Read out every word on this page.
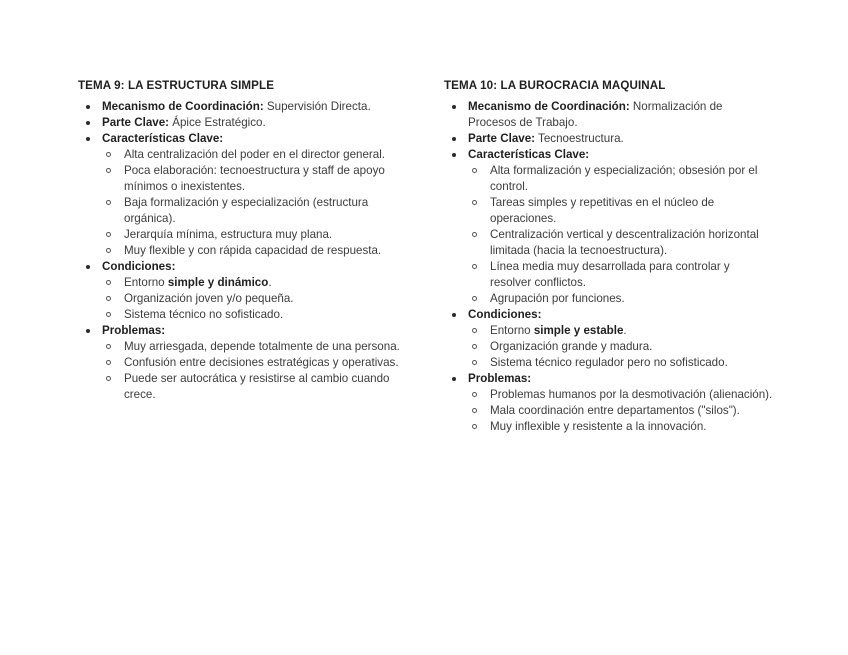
TEMA 9: LA ESTRUCTURA SIMPLE
Mecanismo de Coordinación: Supervisión Directa.
Parte Clave: Ápice Estratégico.
Características Clave:
Alta centralización del poder en el director general.
Poca elaboración: tecnoestructura y staff de apoyo mínimos o inexistentes.
Baja formalización y especialización (estructura orgánica).
Jerarquía mínima, estructura muy plana.
Muy flexible y con rápida capacidad de respuesta.
Condiciones:
Entorno simple y dinámico.
Organización joven y/o pequeña.
Sistema técnico no sofisticado.
Problemas:
Muy arriesgada, depende totalmente de una persona.
Confusión entre decisiones estratégicas y operativas.
Puede ser autocrática y resistirse al cambio cuando crece.
TEMA 10: LA BUROCRACIA MAQUINAL
Mecanismo de Coordinación: Normalización de Procesos de Trabajo.
Parte Clave: Tecnoestructura.
Características Clave:
Alta formalización y especialización; obsesión por el control.
Tareas simples y repetitivas en el núcleo de operaciones.
Centralización vertical y descentralización horizontal limitada (hacia la tecnoestructura).
Línea media muy desarrollada para controlar y resolver conflictos.
Agrupación por funciones.
Condiciones:
Entorno simple y estable.
Organización grande y madura.
Sistema técnico regulador pero no sofisticado.
Problemas:
Problemas humanos por la desmotivación (alienación).
Mala coordinación entre departamentos ("silos").
Muy inflexible y resistente a la innovación.
